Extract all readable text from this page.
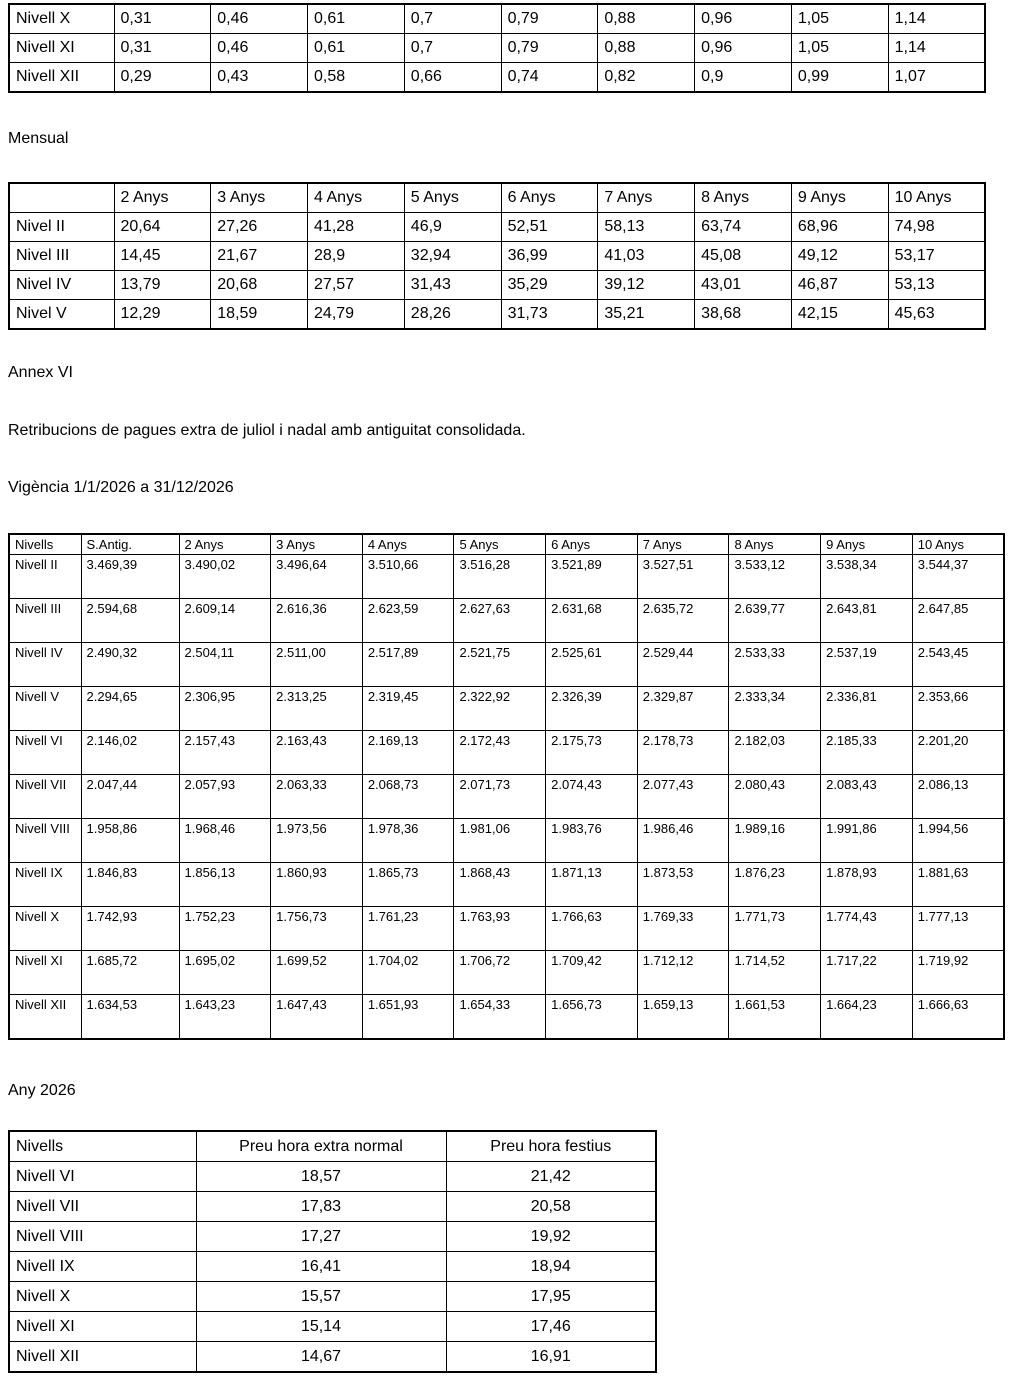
Nivell X	0,31	0,46	0,61	0,7	0,79	0,88	0,96	1,05	1,14
Nivell XI	0,31	0,46	0,61	0,7	0,79	0,88	0,96	1,05	1,14
Nivell XII	0,29	0,43	0,58	0,66	0,74	0,82	0,9	0,99	1,07
Mensual
	2 Anys	3 Anys	4 Anys	5 Anys	6 Anys	7 Anys	8 Anys	9 Anys	10 Anys
Nivel II	20,64	27,26	41,28	46,9	52,51	58,13	63,74	68,96	74,98
Nivel III	14,45	21,67	28,9	32,94	36,99	41,03	45,08	49,12	53,17
Nivel IV	13,79	20,68	27,57	31,43	35,29	39,12	43,01	46,87	53,13
Nivel V	12,29	18,59	24,79	28,26	31,73	35,21	38,68	42,15	45,63
Annex VI
Retribucions de pagues extra de juliol i nadal amb antiguitat consolidada.
Vigència 1/1/2026 a 31/12/2026
Nivells	S.Antig.	2 Anys	3 Anys	4 Anys	5 Anys	6 Anys	7 Anys	8 Anys	9 Anys	10 Anys
Nivell II	3.469,39	3.490,02	3.496,64	3.510,66	3.516,28	3.521,89	3.527,51	3.533,12	3.538,34	3.544,37
Nivell III	2.594,68	2.609,14	2.616,36	2.623,59	2.627,63	2.631,68	2.635,72	2.639,77	2.643,81	2.647,85
Nivell IV	2.490,32	2.504,11	2.511,00	2.517,89	2.521,75	2.525,61	2.529,44	2.533,33	2.537,19	2.543,45
Nivell V	2.294,65	2.306,95	2.313,25	2.319,45	2.322,92	2.326,39	2.329,87	2.333,34	2.336,81	2.353,66
Nivell VI	2.146,02	2.157,43	2.163,43	2.169,13	2.172,43	2.175,73	2.178,73	2.182,03	2.185,33	2.201,20
Nivell VII	2.047,44	2.057,93	2.063,33	2.068,73	2.071,73	2.074,43	2.077,43	2.080,43	2.083,43	2.086,13
Nivell VIII	1.958,86	1.968,46	1.973,56	1.978,36	1.981,06	1.983,76	1.986,46	1.989,16	1.991,86	1.994,56
Nivell IX	1.846,83	1.856,13	1.860,93	1.865,73	1.868,43	1.871,13	1.873,53	1.876,23	1.878,93	1.881,63
Nivell X	1.742,93	1.752,23	1.756,73	1.761,23	1.763,93	1.766,63	1.769,33	1.771,73	1.774,43	1.777,13
Nivell XI	1.685,72	1.695,02	1.699,52	1.704,02	1.706,72	1.709,42	1.712,12	1.714,52	1.717,22	1.719,92
Nivell XII	1.634,53	1.643,23	1.647,43	1.651,93	1.654,33	1.656,73	1.659,13	1.661,53	1.664,23	1.666,63
Any 2026
Nivells	Preu hora extra normal	Preu hora festius
Nivell VI	18,57	21,42
Nivell VII	17,83	20,58
Nivell VIII	17,27	19,92
Nivell IX	16,41	18,94
Nivell X	15,57	17,95
Nivell XI	15,14	17,46
Nivell XII	14,67	16,91
